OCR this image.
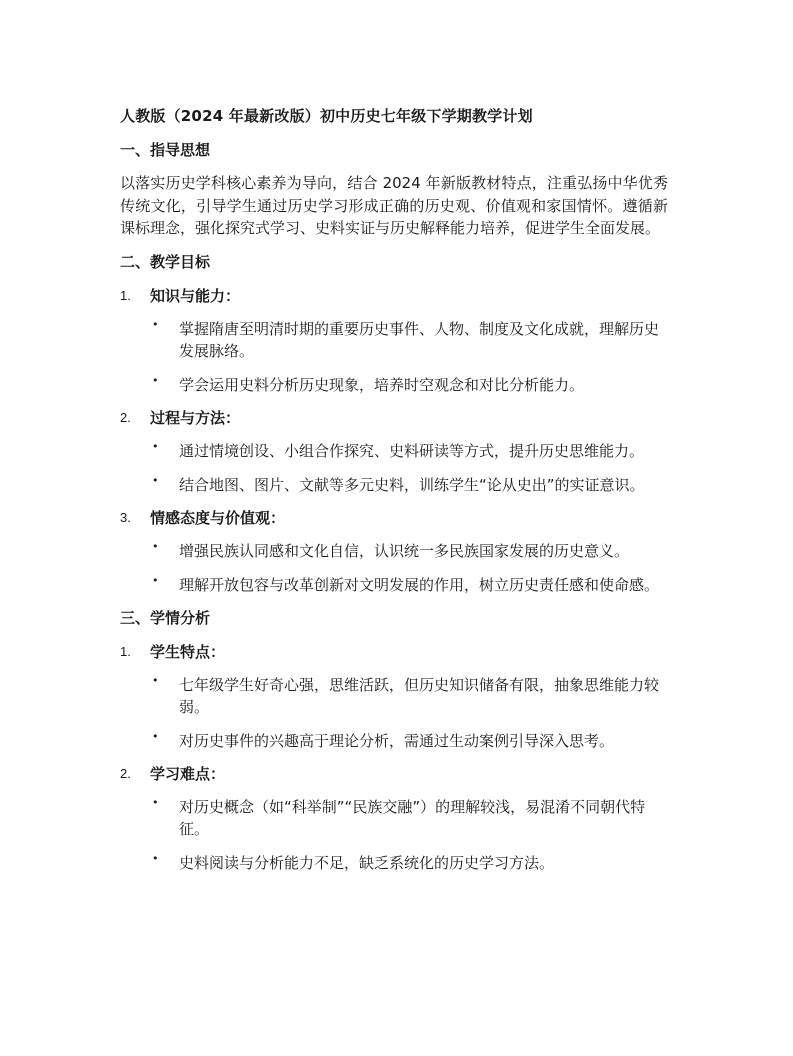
人教版（2024 年最新改版）初中历史七年级下学期教学计划
一、指导思想
以落实历史学科核心素养为导向，结合 2024 年新版教材特点，注重弘扬中华优秀传统文化，引导学生通过历史学习形成正确的历史观、价值观和家国情怀。遵循新课标理念，强化探究式学习、史料实证与历史解释能力培养，促进学生全面发展。
二、教学目标
1. 知识与能力：
• 掌握隋唐至明清时期的重要历史事件、人物、制度及文化成就，理解历史发展脉络。
• 学会运用史料分析历史现象，培养时空观念和对比分析能力。
2. 过程与方法：
• 通过情境创设、小组合作探究、史料研读等方式，提升历史思维能力。
• 结合地图、图片、文献等多元史料，训练学生“论从史出”的实证意识。
3. 情感态度与价值观：
• 增强民族认同感和文化自信，认识统一多民族国家发展的历史意义。
• 理解开放包容与改革创新对文明发展的作用，树立历史责任感和使命感。
三、学情分析
1. 学生特点：
• 七年级学生好奇心强，思维活跃，但历史知识储备有限，抽象思维能力较弱。
• 对历史事件的兴趣高于理论分析，需通过生动案例引导深入思考。
2. 学习难点：
• 对历史概念（如“科举制”“民族交融”）的理解较浅，易混淆不同朝代特征。
• 史料阅读与分析能力不足，缺乏系统化的历史学习方法。
